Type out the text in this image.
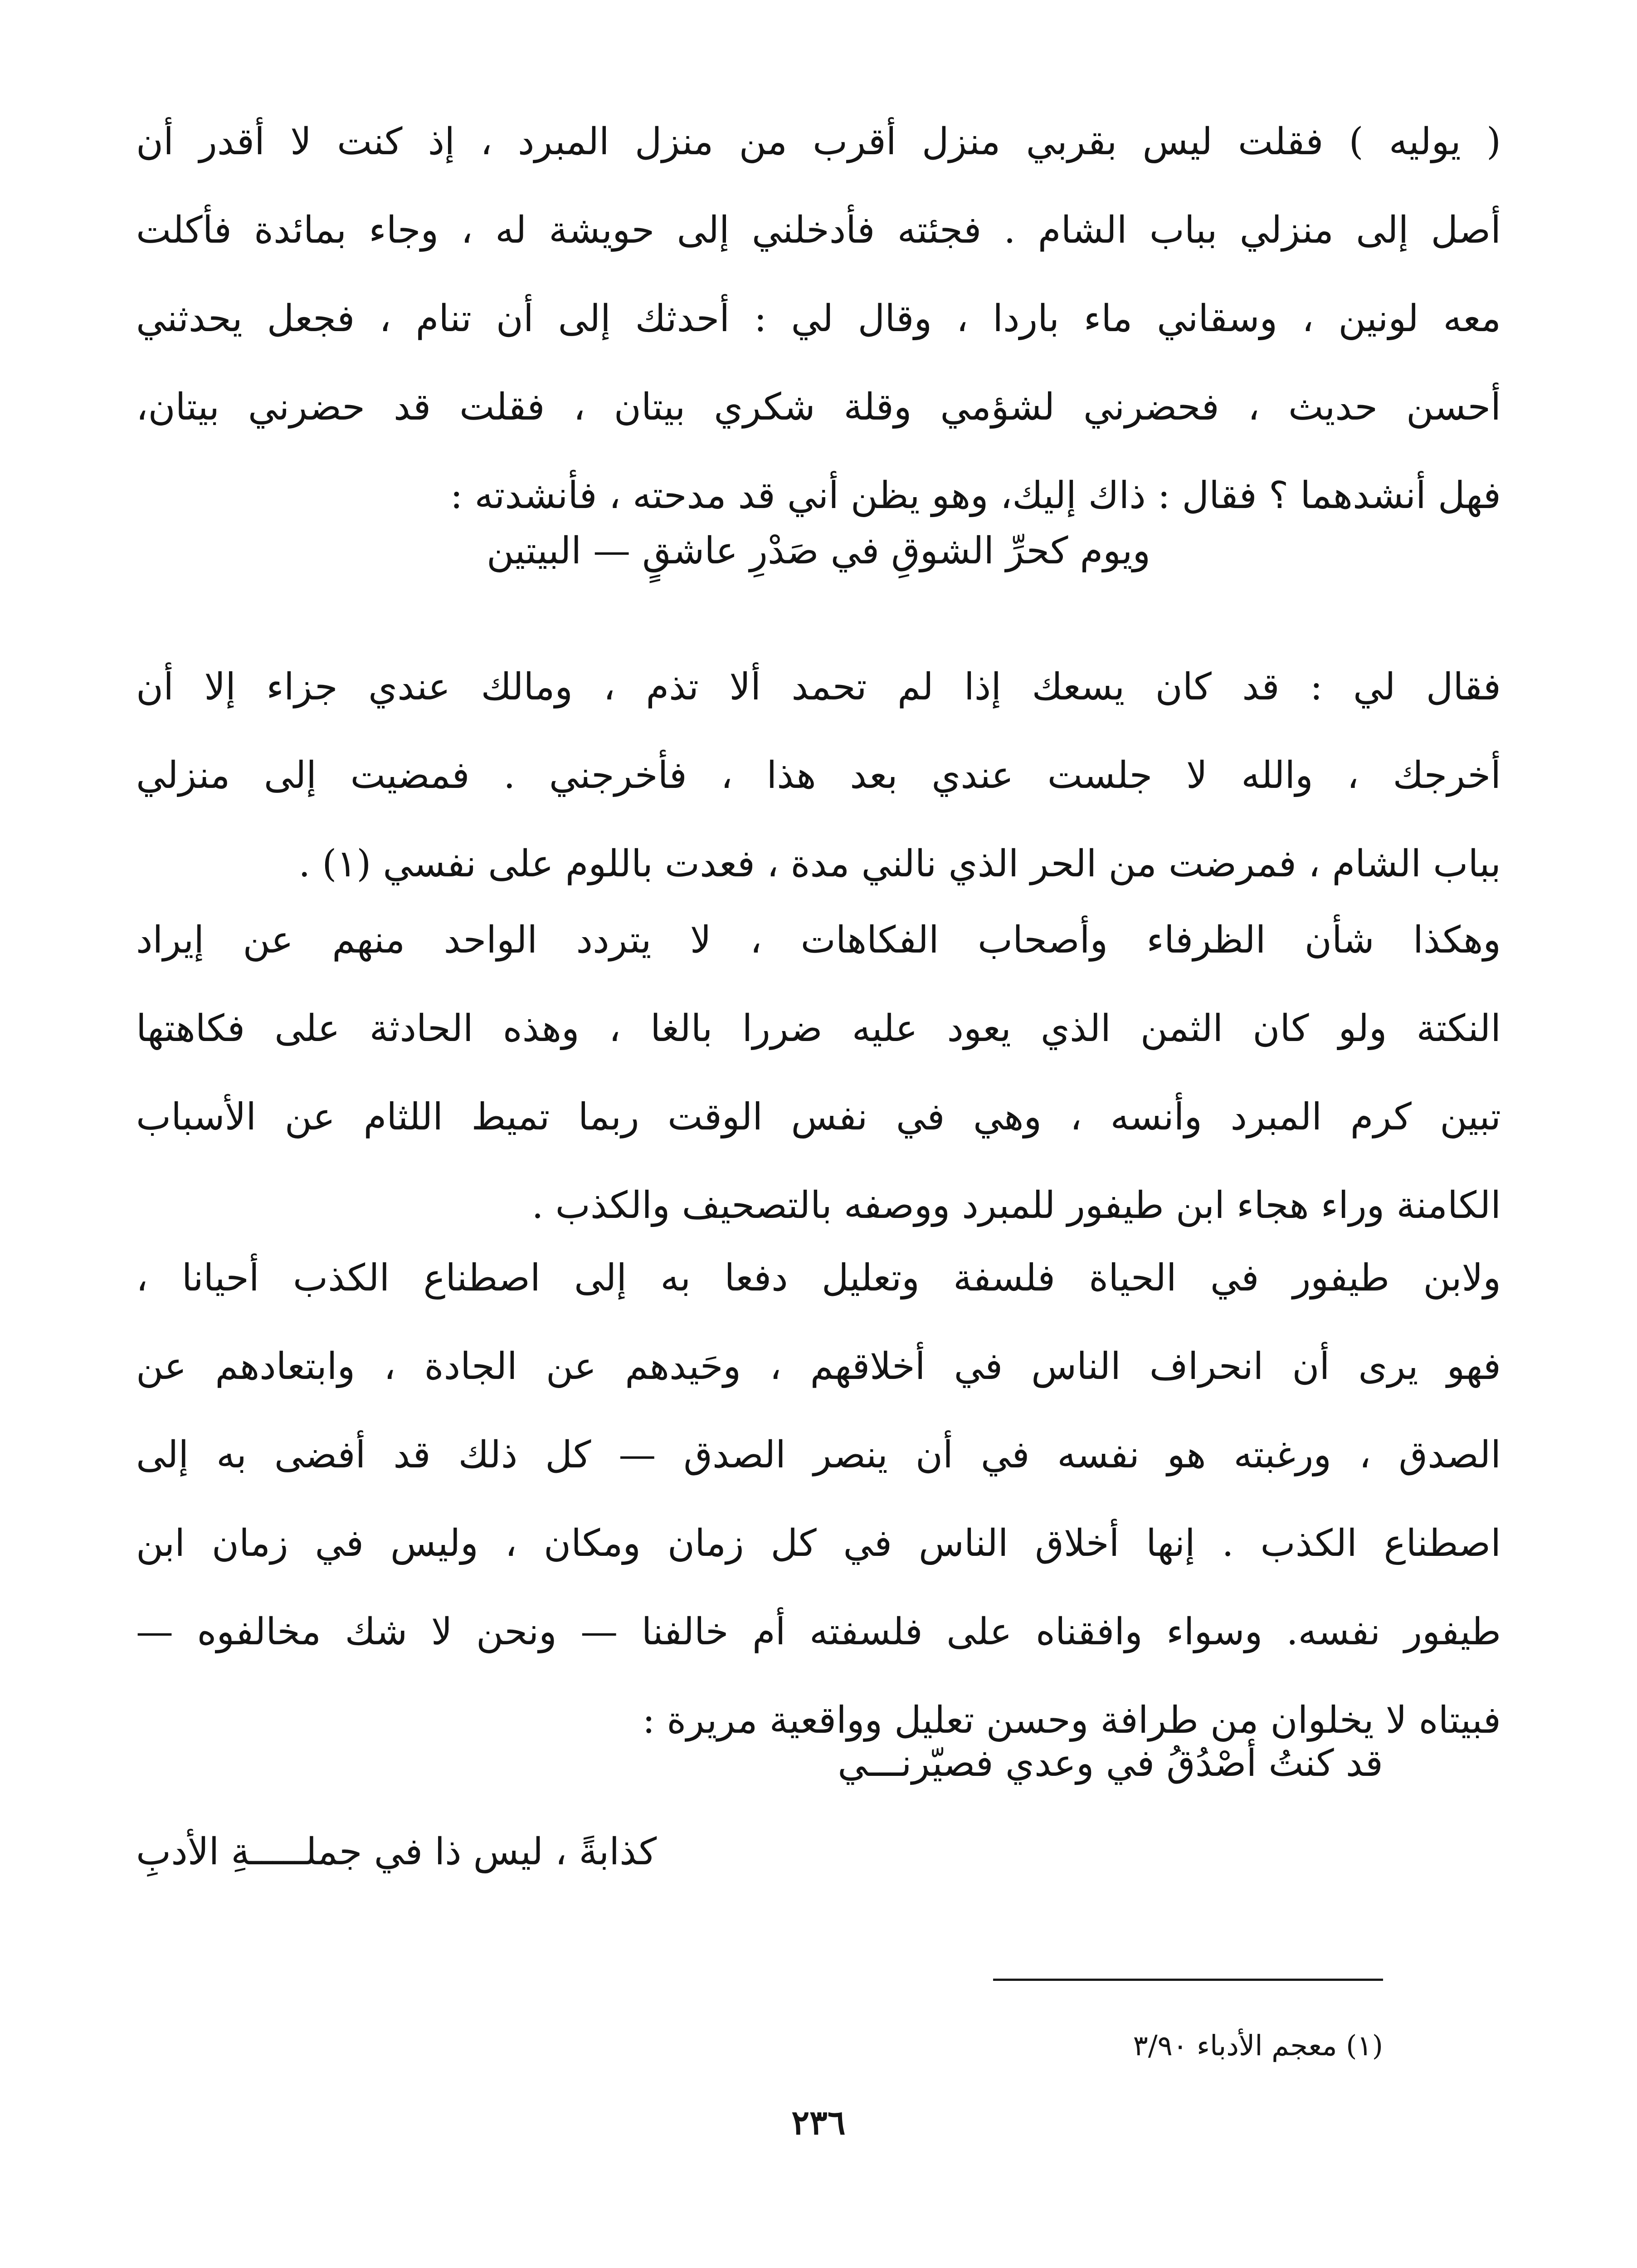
( يوليه ) فقلت ليس بقربي منزل أقرب من منزل المبرد ، إذ كنت لا أقدر أن
أصل إلى منزلي بباب الشام . فجئته فأدخلني إلى حويشة له ، وجاء بمائدة فأكلت
معه لونين ، وسقاني ماء باردا ، وقال لي : أحدثك إلى أن تنام ، فجعل يحدثني
أحسن حديث ، فحضرني لشؤمي وقلة شكري بيتان ، فقلت قد حضرني بيتان،
فهل أنشدهما ؟ فقال : ذاك إليك، وهو يظن أني قد مدحته ، فأنشدته :
ويوم كحرِّ الشوقِ في صَدْرِ عاشقٍ — البيتين
فقال لي : قد كان يسعك إذا لم تحمد ألا تذم ، ومالك عندي جزاء إلا أن
أخرجك ، والله لا جلست عندي بعد هذا ، فأخرجني . فمضيت إلى منزلي
بباب الشام ، فمرضت من الحر الذي نالني مدة ، فعدت باللوم على نفسي (١) .
وهكذا شأن الظرفاء وأصحاب الفكاهات ، لا يتردد الواحد منهم عن إيراد
النكتة ولو كان الثمن الذي يعود عليه ضررا بالغا ، وهذه الحادثة على فكاهتها
تبين كرم المبرد وأنسه ، وهي في نفس الوقت ربما تميط اللثام عن الأسباب
الكامنة وراء هجاء ابن طيفور للمبرد ووصفه بالتصحيف والكذب .
ولابن طيفور في الحياة فلسفة وتعليل دفعا به إلى اصطناع الكذب أحيانا ،
فهو يرى أن انحراف الناس في أخلاقهم ، وحَيدهم عن الجادة ، وابتعادهم عن
الصدق ، ورغبته هو نفسه في أن ينصر الصدق — كل ذلك قد أفضى به إلى
اصطناع الكذب . إنها أخلاق الناس في كل زمان ومكان ، وليس في زمان ابن
طيفور نفسه. وسواء وافقناه على فلسفته أم خالفنا — ونحن لا شك مخالفوه —
فبيتاه لا يخلوان من طرافة وحسن تعليل وواقعية مريرة :
قد كنتُ أصْدُقُ في وعدي فصيّرنـــي
كذابةً ، ليس ذا في جملـــــةِ الأدبِ
(١) معجم الأدباء ٣/٩٠
٢٣٦
